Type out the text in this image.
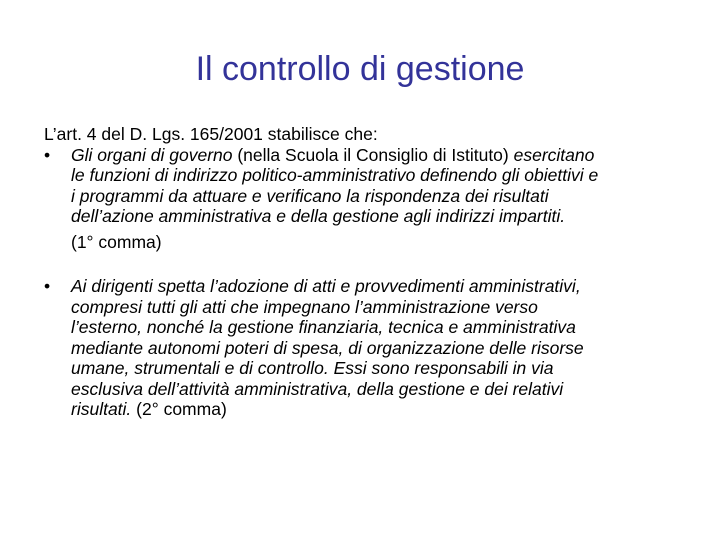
Il controllo di gestione

L’art. 4 del D. Lgs. 165/2001 stabilisce che:

• Gli organi di governo (nella Scuola il Consiglio di Istituto) esercitano
le funzioni di indirizzo politico-amministrativo definendo gli obiettivi e
i programmi da attuare e verificano la rispondenza dei risultati
dell’azione amministrativa e della gestione agli indirizzi impartiti.
(1° comma)
• Ai dirigenti spetta l’adozione di atti e provvedimenti amministrativi,
compresi tutti gli atti che impegnano l’amministrazione verso
l’esterno, nonché la gestione finanziaria, tecnica e amministrativa
mediante autonomi poteri di spesa, di organizzazione delle risorse
umane, strumentali e di controllo. Essi sono responsabili in via
esclusiva dell’attività amministrativa, della gestione e dei relativi
risultati. (2° comma)
